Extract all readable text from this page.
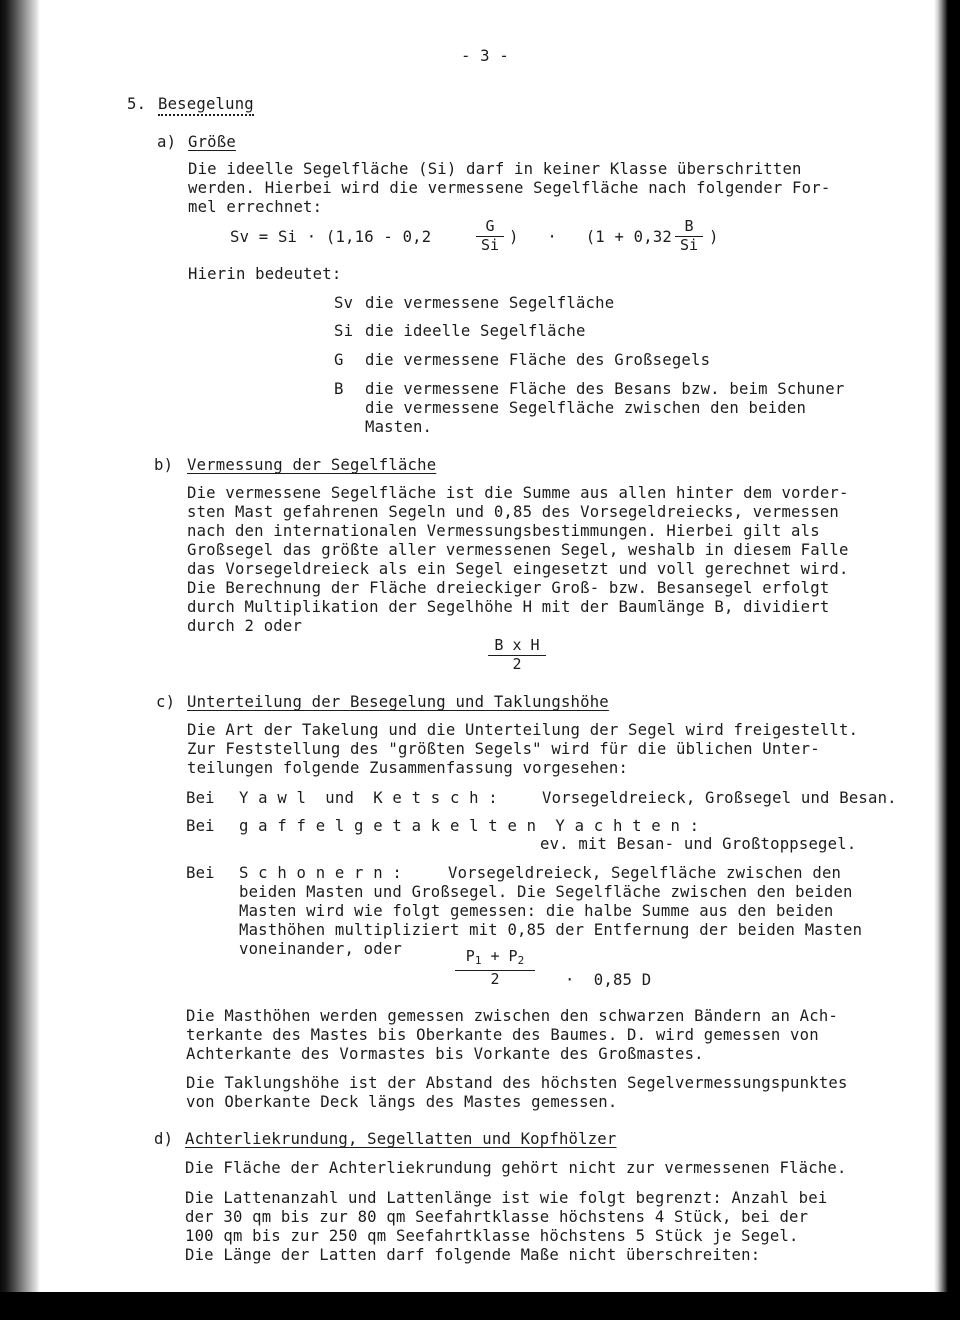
- 3 -
5. Besegelung
a) Größe
Die ideelle Segelfläche (Si) darf in keiner Klasse überschritten
werden. Hierbei wird die vermessene Segelfläche nach folgender For-
mel errechnet:
Sv = Si · (1,16 - 0,2	$\frac{G}{Si}$ )   ·   ($1 + 0,32 \frac{B}{Si}$ )
Hierin bedeutet:
Sv die vermessene Segelfläche
Si die ideelle Segelfläche
G die vermessene Fläche des Großsegels
B die vermessene Fläche des Besans bzw. beim Schuner
die vermessene Segelfläche zwischen den beiden
Masten.
b) Vermessung der Segelfläche
Die vermessene Segelfläche ist die Summe aus allen hinter dem vorder-
sten Mast gefahrenen Segeln und 0,85 des Vorsegeldreiecks, vermessen
nach den internationalen Vermessungsbestimmungen. Hierbei gilt als
Großsegel das größte aller vermessenen Segel, weshalb in diesem Falle
das Vorsegeldreieck als ein Segel eingesetzt und voll gerechnet wird.
Die Berechnung der Fläche dreieckiger Groß- bzw. Besansegel erfolgt
durch Multiplikation der Segelhöhe H mit der Baumlänge B, dividiert
durch 2 oder
$\frac{\text{B x H}}{2}$
c) Unterteilung der Besegelung und Taklungshöhe
Die Art der Takelung und die Unterteilung der Segel wird freigestellt.
Zur Feststellung des "größten Segels" wird für die üblichen Unter-
teilungen folgende Zusammenfassung vorgesehen:
Bei Y a w l  und  K e t s c h :	Vorsegeldreieck, Großsegel und Besan.
Bei g a f f e l g e t a k e l t e n  Y a c h t e n :
ev. mit Besan- und Großtoppsegel.
Bei S c h o n e r n :	Vorsegeldreieck, Segelfläche zwischen den
beiden Masten und Großsegel. Die Segelfläche zwischen den beiden
Masten wird wie folgt gemessen: die halbe Summe aus den beiden
Masthöhen multipliziert mit 0,85 der Entfernung der beiden Masten
voneinander, oder	$\frac{P_1 + P_2}{2} \cdot 0,85$ D
Die Masthöhen werden gemessen zwischen den schwarzen Bändern an Ach-
terkante des Mastes bis Oberkante des Baumes. D. wird gemessen von
Achterkante des Vormastes bis Vorkante des Großmastes.
Die Taklungshöhe ist der Abstand des höchsten Segelvermessungspunktes
von Oberkante Deck längs des Mastes gemessen.
d) Achterliekrundung, Segellatten und Kopfhölzer
Die Fläche der Achterliekrundung gehört nicht zur vermessenen Fläche.
Die Lattenanzahl und Lattenlänge ist wie folgt begrenzt: Anzahl bei
der 30 qm bis zur 80 qm Seefahrtklasse höchstens 4 Stück, bei der
100 qm bis zur 250 qm Seefahrtklasse höchstens 5 Stück je Segel.
Die Länge der Latten darf folgende Maße nicht überschreiten:
